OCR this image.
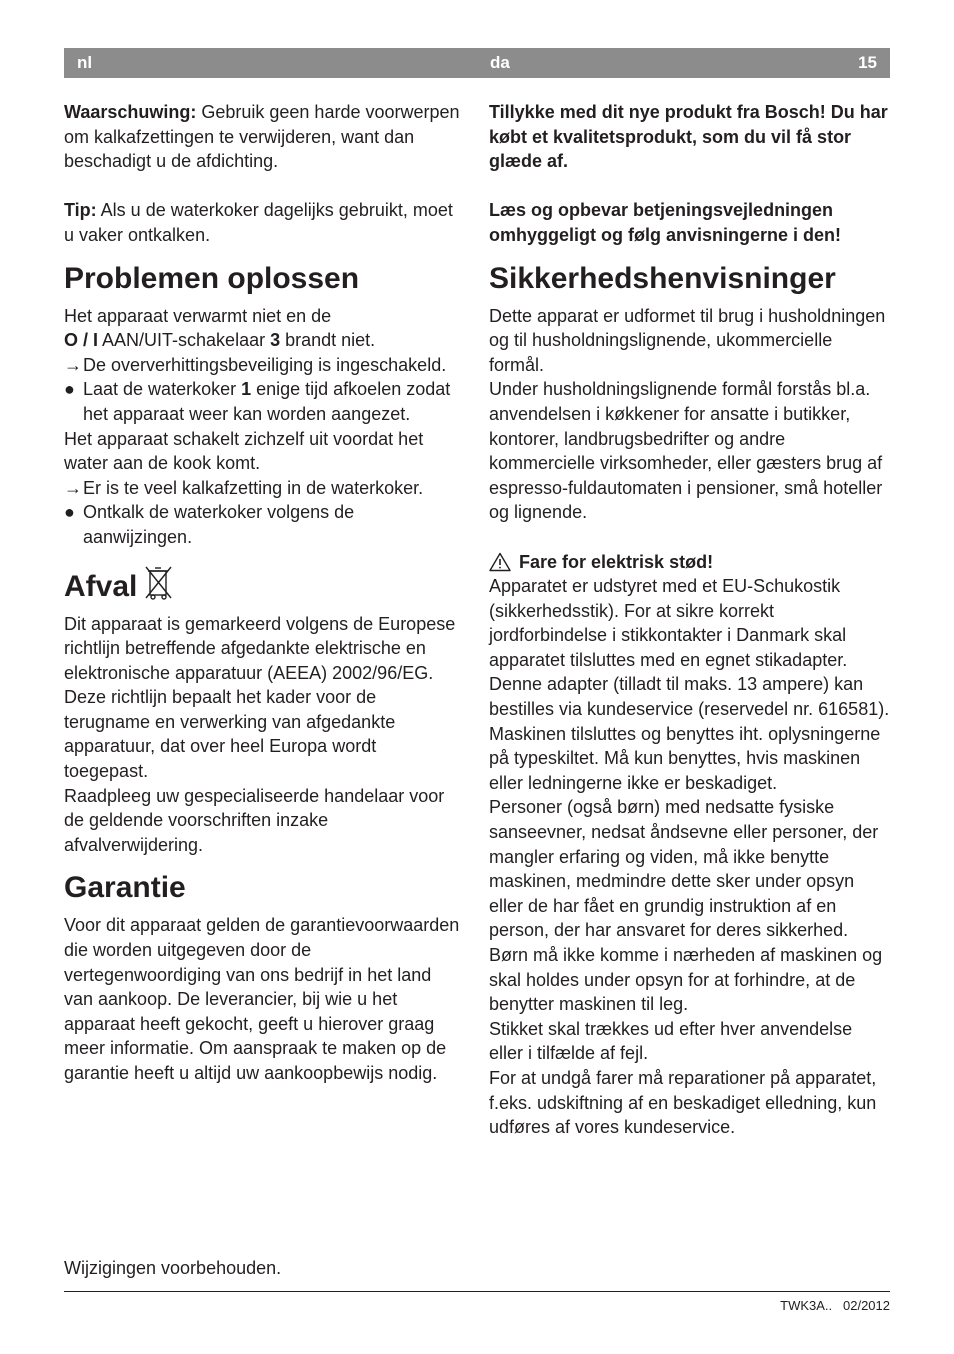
nl	da	15

Waarschuwing: Gebruik geen harde voorwerpen om kalkafzettingen te verwijderen, want dan beschadigt u de afdichting.

Tip: Als u de waterkoker dagelijks gebruikt, moet u vaker ontkalken.

Problemen oplossen

Het apparaat verwarmt niet en de
O / I AAN/UIT-schakelaar 3 brandt niet.

→ De oververhittingsbeveiliging is ingeschakeld.

● Laat de waterkoker 1 enige tijd afkoelen zodat het apparaat weer kan worden aangezet.

Het apparaat schakelt zichzelf uit voordat het water aan de kook komt.

→ Er is te veel kalkafzetting in de waterkoker.

● Ontkalk de waterkoker volgens de aanwijzingen.

Afval

Dit apparaat is gemarkeerd volgens de Europese richtlijn betreffende afgedankte elektrische en elektronische apparatuur (AEEA) 2002/96/EG. Deze richtlijn bepaalt het kader voor de terugname en verwerking van afgedankte apparatuur, dat over heel Europa wordt toegepast.

Raadpleeg uw gespecialiseerde handelaar voor de geldende voorschriften inzake afvalverwijdering.

Garantie

Voor dit apparaat gelden de garantievoorwaarden die worden uitgegeven door de vertegenwoordiging van ons bedrijf in het land van aankoop. De leverancier, bij wie u het apparaat heeft gekocht, geeft u hierover graag meer informatie. Om aanspraak te maken op de garantie heeft u altijd uw aankoopbewijs nodig.

Wijzigingen voorbehouden.

Tillykke med dit nye produkt fra Bosch! Du har købt et kvalitetsprodukt, som du vil få stor glæde af.

Læs og opbevar betjeningsvejledningen omhyggeligt og følg anvisningerne i den!

Sikkerhedshenvisninger

Dette apparat er udformet til brug i husholdningen og til husholdningslignende, ukommercielle formål.

Under husholdningslignende formål forstås bl.a. anvendelsen i køkkener for ansatte i butikker, kontorer, landbrugsbedrifter og andre kommercielle virksomheder, eller gæsters brug af espresso-fuldautomaten i pensioner, små hoteller og lignende.

Fare for elektrisk stød!

Apparatet er udstyret med et EU-Schukostik (sikkerhedsstik). For at sikre korrekt jordforbindelse i stikkontakter i Danmark skal apparatet tilsluttes med en egnet stikadapter. Denne adapter (tilladt til maks. 13 ampere) kan bestilles via kundeservice (reservedel nr. 616581).

Maskinen tilsluttes og benyttes iht. oplysningerne på typeskiltet. Må kun benyttes, hvis maskinen eller ledningerne ikke er beskadiget.

Personer (også børn) med nedsatte fysiske sanseevner, nedsat åndsevne eller personer, der mangler erfaring og viden, må ikke benytte maskinen, medmindre dette sker under opsyn eller de har fået en grundig instruktion af en person, der har ansvaret for deres sikkerhed.

Børn må ikke komme i nærheden af maskinen og skal holdes under opsyn for at forhindre, at de benytter maskinen til leg.

Stikket skal trækkes ud efter hver anvendelse eller i tilfælde af fejl.

For at undgå farer må reparationer på apparatet, f.eks. udskiftning af en beskadiget elledning, kun udføres af vores kundeservice.

TWK3A.. 02/2012
